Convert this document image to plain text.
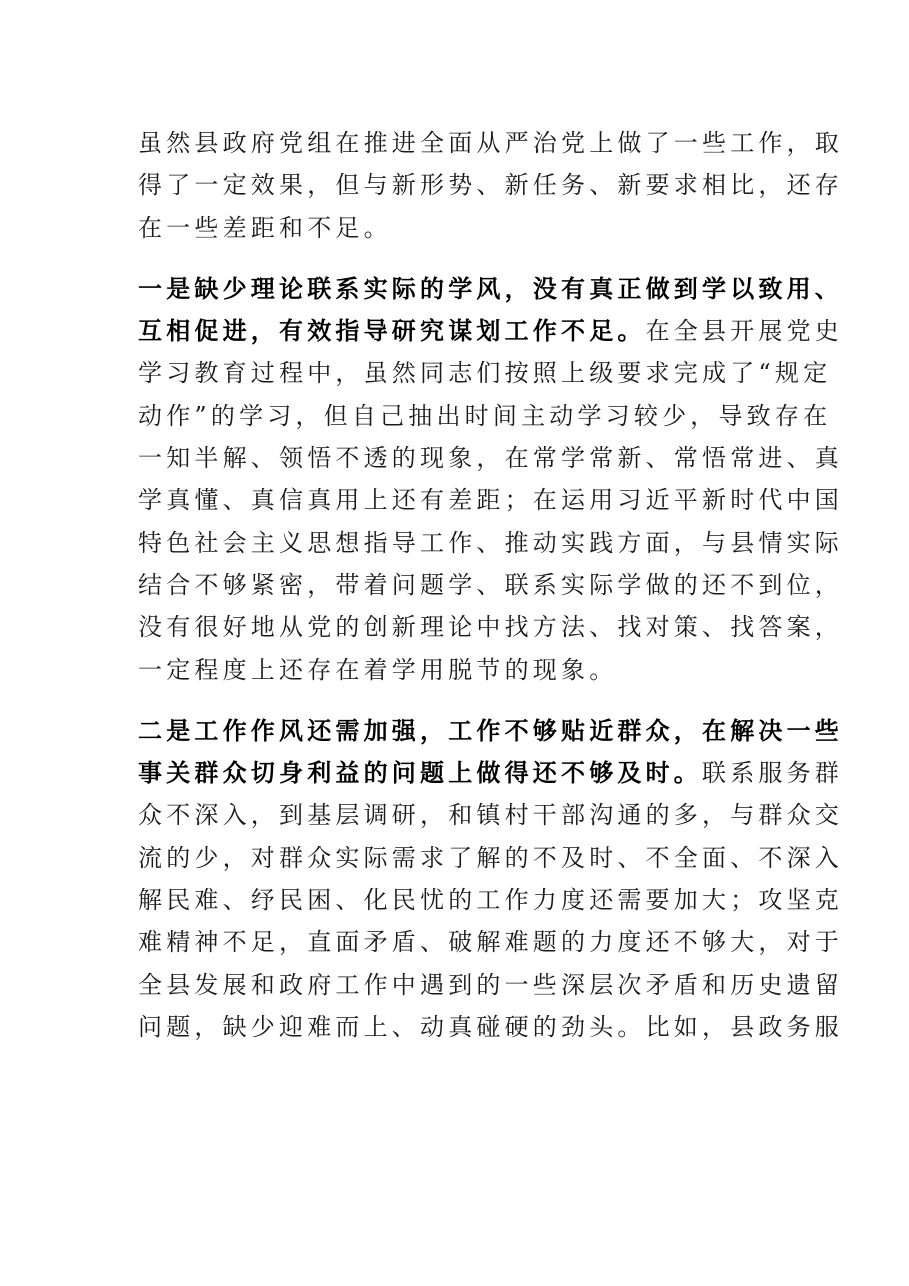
虽然县政府党组在推进全面从严治党上做了一些工作，取
得了一定效果，但与新形势、新任务、新要求相比，还存
在一些差距和不足。
一是缺少理论联系实际的学风，没有真正做到学以致用、
互相促进，有效指导研究谋划工作不足。在全县开展党史
学习教育过程中，虽然同志们按照上级要求完成了“规定
动作”的学习，但自己抽出时间主动学习较少，导致存在
一知半解、领悟不透的现象，在常学常新、常悟常进、真
学真懂、真信真用上还有差距；在运用习近平新时代中国
特色社会主义思想指导工作、推动实践方面，与县情实际
结合不够紧密，带着问题学、联系实际学做的还不到位，
没有很好地从党的创新理论中找方法、找对策、找答案，
一定程度上还存在着学用脱节的现象。
二是工作作风还需加强，工作不够贴近群众，在解决一些
事关群众切身利益的问题上做得还不够及时。联系服务群
众不深入，到基层调研，和镇村干部沟通的多，与群众交
流的少，对群众实际需求了解的不及时、不全面、不深入
解民难、纾民困、化民忧的工作力度还需要加大；攻坚克
难精神不足，直面矛盾、破解难题的力度还不够大，对于
全县发展和政府工作中遇到的一些深层次矛盾和历史遗留
问题，缺少迎难而上、动真碰硬的劲头。比如，县政务服
